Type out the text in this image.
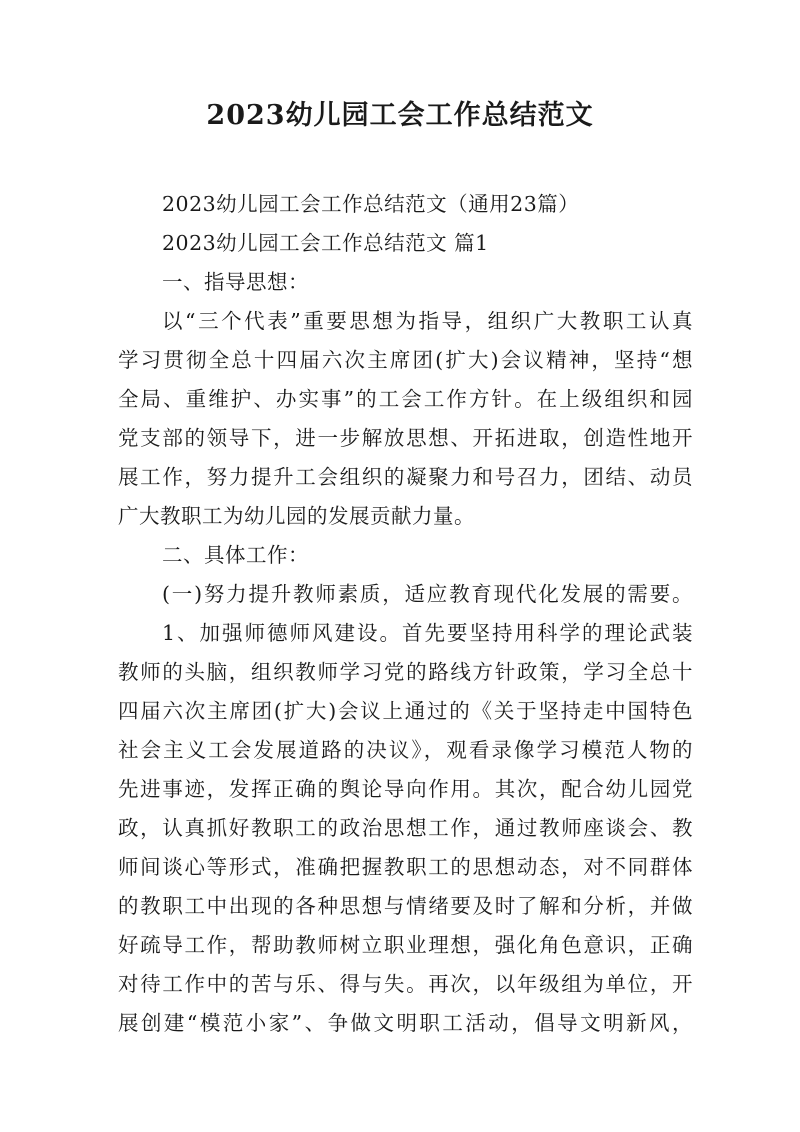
2023幼儿园工会工作总结范文
2023幼儿园工会工作总结范文（通用23篇）
2023幼儿园工会工作总结范文 篇1
一、指导思想：
以“三个代表”重要思想为指导，组织广大教职工认真
学习贯彻全总十四届六次主席团(扩大)会议精神，坚持“想
全局、重维护、办实事”的工会工作方针。在上级组织和园
党支部的领导下，进一步解放思想、开拓进取，创造性地开
展工作，努力提升工会组织的凝聚力和号召力，团结、动员
广大教职工为幼儿园的发展贡献力量。
二、具体工作：
(一)努力提升教师素质，适应教育现代化发展的需要。
1、加强师德师风建设。首先要坚持用科学的理论武装
教师的头脑，组织教师学习党的路线方针政策，学习全总十
四届六次主席团(扩大)会议上通过的《关于坚持走中国特色
社会主义工会发展道路的决议》，观看录像学习模范人物的
先进事迹，发挥正确的舆论导向作用。其次，配合幼儿园党
政，认真抓好教职工的政治思想工作，通过教师座谈会、教
师间谈心等形式，准确把握教职工的思想动态，对不同群体
的教职工中出现的各种思想与情绪要及时了解和分析，并做
好疏导工作，帮助教师树立职业理想，强化角色意识，正确
对待工作中的苦与乐、得与失。再次，以年级组为单位，开
展创建“模范小家”、争做文明职工活动，倡导文明新风，
